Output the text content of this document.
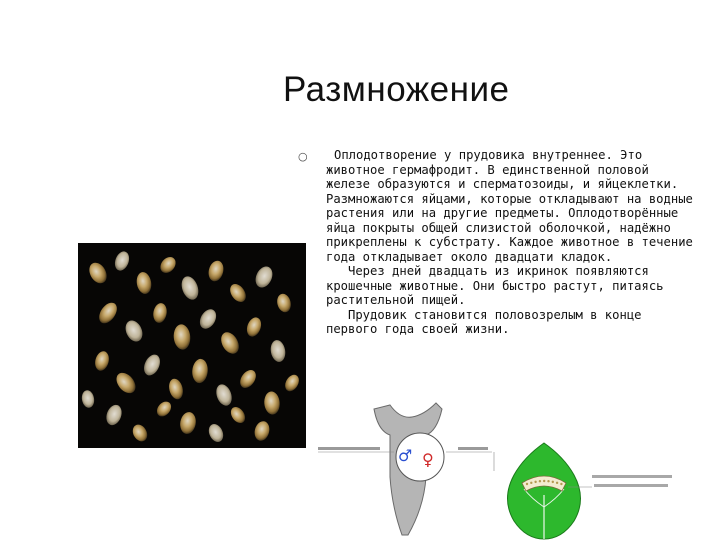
Размножение
○	Оплодотворение у прудовика внутреннее. Это животное гермафродит. В единственной половой железе образуются и сперматозоиды, и яйцеклетки. Размножаются яйцами, которые откладывают на водные растения или на другие предметы. Оплодотворённые яйца покрыты общей слизистой оболочкой, надёжно прикреплены к субстрату. Каждое животное в течение года откладывает около двадцати кладок.

Через дней двадцать из икринок появляются крошечные животные. Они быстро растут, питаясь растительной пищей.

Прудовик становится половозрелым в конце первого года своей жизни.

♂ ♀
